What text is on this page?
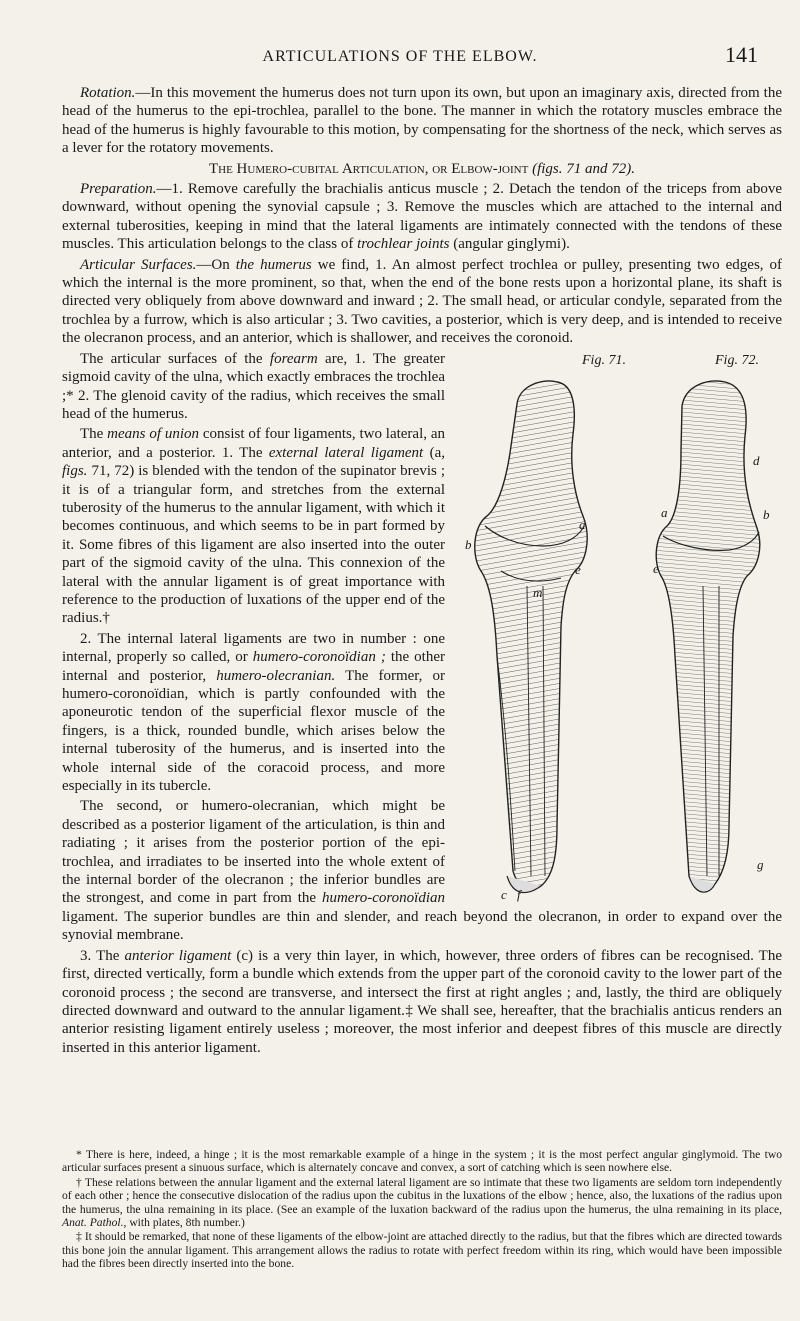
ARTICULATIONS OF THE ELBOW.	141

Rotation.—In this movement the humerus does not turn upon its own, but upon an imaginary axis, directed from the head of the humerus to the epi-trochlea, parallel to the bone. The manner in which the rotatory muscles embrace the head of the humerus is highly favourable to this motion, by compensating for the shortness of the neck, which serves as a lever for the rotatory movements.

The Humero-cubital Articulation, or Elbow-joint (figs. 71 and 72).

Preparation.—1. Remove carefully the brachialis anticus muscle ; 2. Detach the tendon of the triceps from above downward, without opening the synovial capsule ; 3. Remove the muscles which are attached to the internal and external tuberosities, keeping in mind that the lateral ligaments are intimately connected with the tendons of these muscles. This articulation belongs to the class of trochlear joints (angular ginglymi).

Articular Surfaces.—On the humerus we find, 1. An almost perfect trochlea or pulley, presenting two edges, of which the internal is the more prominent, so that, when the end of the bone rests upon a horizontal plane, its shaft is directed very obliquely from above downward and inward ; 2. The small head, or articular condyle, separated from the trochlea by a furrow, which is also articular ; 3. Two cavities, a posterior, which is very deep, and is intended to receive the olecranon process, and an anterior, which is shallower, and receives the coronoid.

Fig. 71.	Fig. 72.
a
b
e
m
c f
d
a	b
e
g

The articular surfaces of the forearm are, 1. The greater sigmoid cavity of the ulna, which exactly embraces the trochlea ;* 2. The glenoid cavity of the radius, which receives the small head of the humerus.

The means of union consist of four ligaments, two lateral, an anterior, and a posterior. 1. The external lateral ligament (a, figs. 71, 72) is blended with the tendon of the supinator brevis ; it is of a triangular form, and stretches from the external tuberosity of the humerus to the annular ligament, with which it becomes continuous, and which seems to be in part formed by it. Some fibres of this ligament are also inserted into the outer part of the sigmoid cavity of the ulna. This connexion of the lateral with the annular ligament is of great importance with reference to the production of luxations of the upper end of the radius.†

2. The internal lateral ligaments are two in number : one internal, properly so called, or humero-coronoïdian ; the other internal and posterior, humero-olecranian. The former, or humero-coronoïdian, which is partly confounded with the aponeurotic tendon of the superficial flexor muscle of the fingers, is a thick, rounded bundle, which arises below the internal tuberosity of the humerus, and is inserted into the whole internal side of the coracoid process, and more especially in its tubercle.

The second, or humero-olecranian, which might be described as a posterior ligament of the articulation, is thin and radiating ; it arises from the posterior portion of the epi-trochlea, and irradiates to be inserted into the whole extent of the internal border of the olecranon ; the inferior bundles are the strongest, and come in part from the humero-coronoïdian ligament. The superior bundles are thin and slender, and reach beyond the olecranon, in order to expand over the synovial membrane.

3. The anterior ligament (c) is a very thin layer, in which, however, three orders of fibres can be recognised. The first, directed vertically, form a bundle which extends from the upper part of the coronoid cavity to the lower part of the coronoid process ; the second are transverse, and intersect the first at right angles ; and, lastly, the third are obliquely directed downward and outward to the annular ligament.‡ We shall see, hereafter, that the brachialis anticus renders an anterior resisting ligament entirely useless ; moreover, the most inferior and deepest fibres of this muscle are directly inserted in this anterior ligament.

* There is here, indeed, a hinge ; it is the most remarkable example of a hinge in the system ; it is the most perfect angular ginglymoid. The two articular surfaces present a sinuous surface, which is alternately concave and convex, a sort of catching which is seen nowhere else.

† These relations between the annular ligament and the external lateral ligament are so intimate that these two ligaments are seldom torn independently of each other ; hence the consecutive dislocation of the radius upon the cubitus in the luxations of the elbow ; hence, also, the luxations of the radius upon the humerus, the ulna remaining in its place. (See an example of the luxation backward of the radius upon the humerus, the ulna remaining in its place, Anat. Pathol., with plates, 8th number.)

‡ It should be remarked, that none of these ligaments of the elbow-joint are attached directly to the radius, but that the fibres which are directed towards this bone join the annular ligament. This arrangement allows the radius to rotate with perfect freedom within its ring, which would have been impossible had the fibres been directly inserted into the bone.
